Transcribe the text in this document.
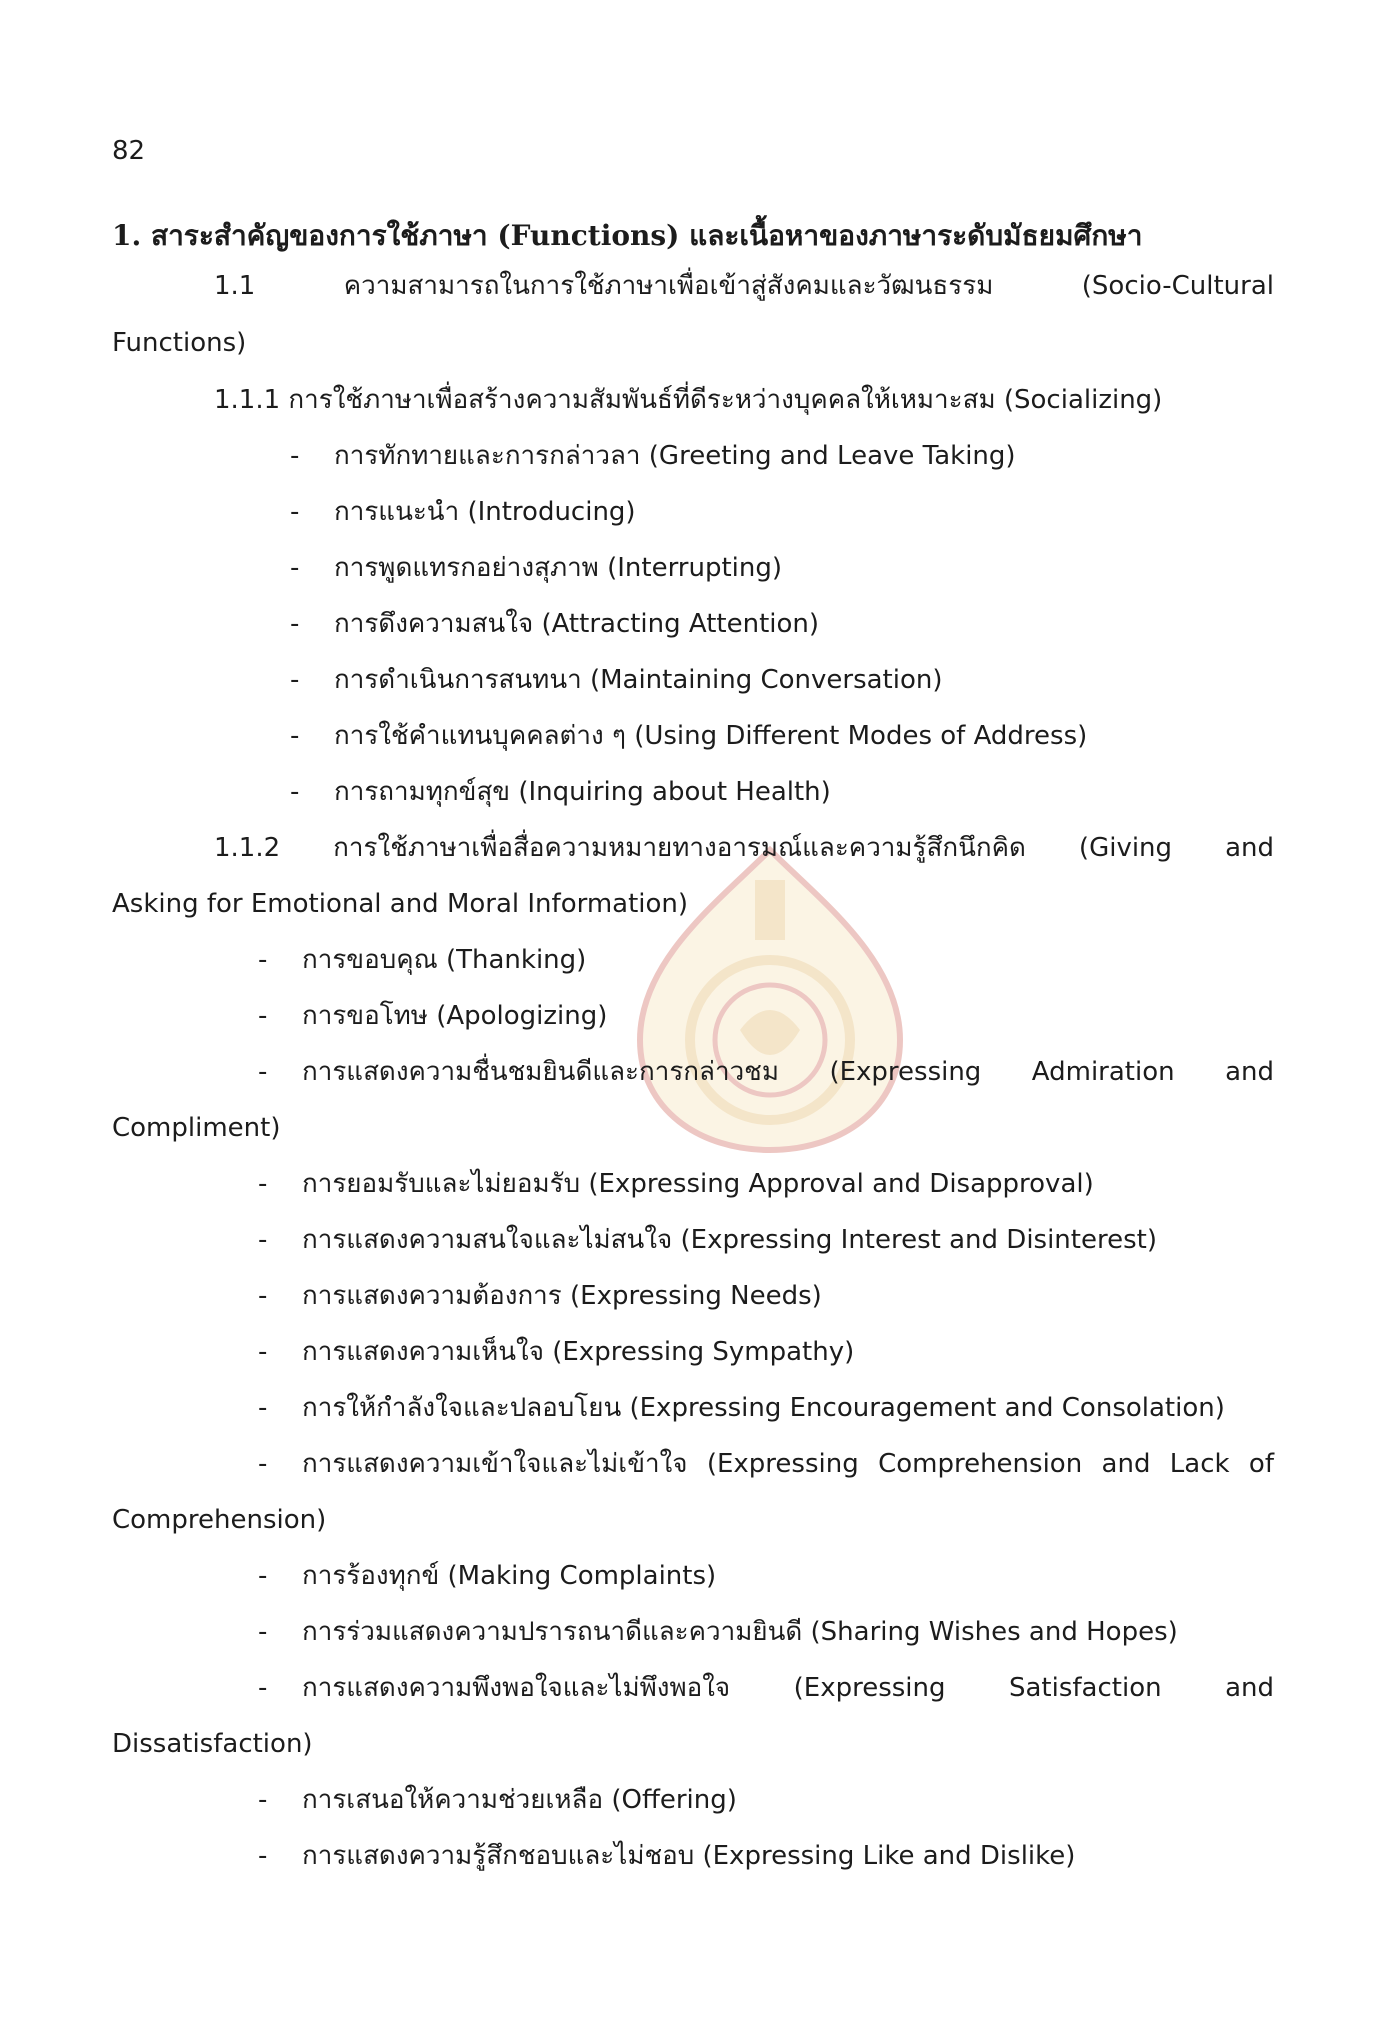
82
1. สาระสำคัญของการใช้ภาษา (Functions) และเนื้อหาของภาษาระดับมัธยมศึกษา
1.1 ความสามารถในการใช้ภาษาเพื่อเข้าสู่สังคมและวัฒนธรรม (Socio-Cultural
Functions)
1.1.1 การใช้ภาษาเพื่อสร้างความสัมพันธ์ที่ดีระหว่างบุคคลให้เหมาะสม (Socializing)
- การทักทายและการกล่าวลา (Greeting and Leave Taking)
- การแนะนำ (Introducing)
- การพูดแทรกอย่างสุภาพ (Interrupting)
- การดึงความสนใจ (Attracting Attention)
- การดำเนินการสนทนา (Maintaining Conversation)
- การใช้คำแทนบุคคลต่าง ๆ (Using Different Modes of Address)
- การถามทุกข์สุข (Inquiring about Health)
1.1.2 การใช้ภาษาเพื่อสื่อความหมายทางอารมณ์และความรู้สึกนึกคิด (Giving and
Asking for Emotional and Moral Information)
- การขอบคุณ (Thanking)
- การขอโทษ (Apologizing)
- การแสดงความชื่นชมยินดีและการกล่าวชม (Expressing Admiration and
Compliment)
- การยอมรับและไม่ยอมรับ (Expressing Approval and Disapproval)
- การแสดงความสนใจและไม่สนใจ (Expressing Interest and Disinterest)
- การแสดงความต้องการ (Expressing Needs)
- การแสดงความเห็นใจ (Expressing Sympathy)
- การให้กำลังใจและปลอบโยน (Expressing Encouragement and Consolation)
- การแสดงความเข้าใจและไม่เข้าใจ (Expressing Comprehension and Lack of
Comprehension)
- การร้องทุกข์ (Making Complaints)
- การร่วมแสดงความปรารถนาดีและความยินดี (Sharing Wishes and Hopes)
- การแสดงความพึงพอใจและไม่พึงพอใจ (Expressing Satisfaction and
Dissatisfaction)
- การเสนอให้ความช่วยเหลือ (Offering)
- การแสดงความรู้สึกชอบและไม่ชอบ (Expressing Like and Dislike)
